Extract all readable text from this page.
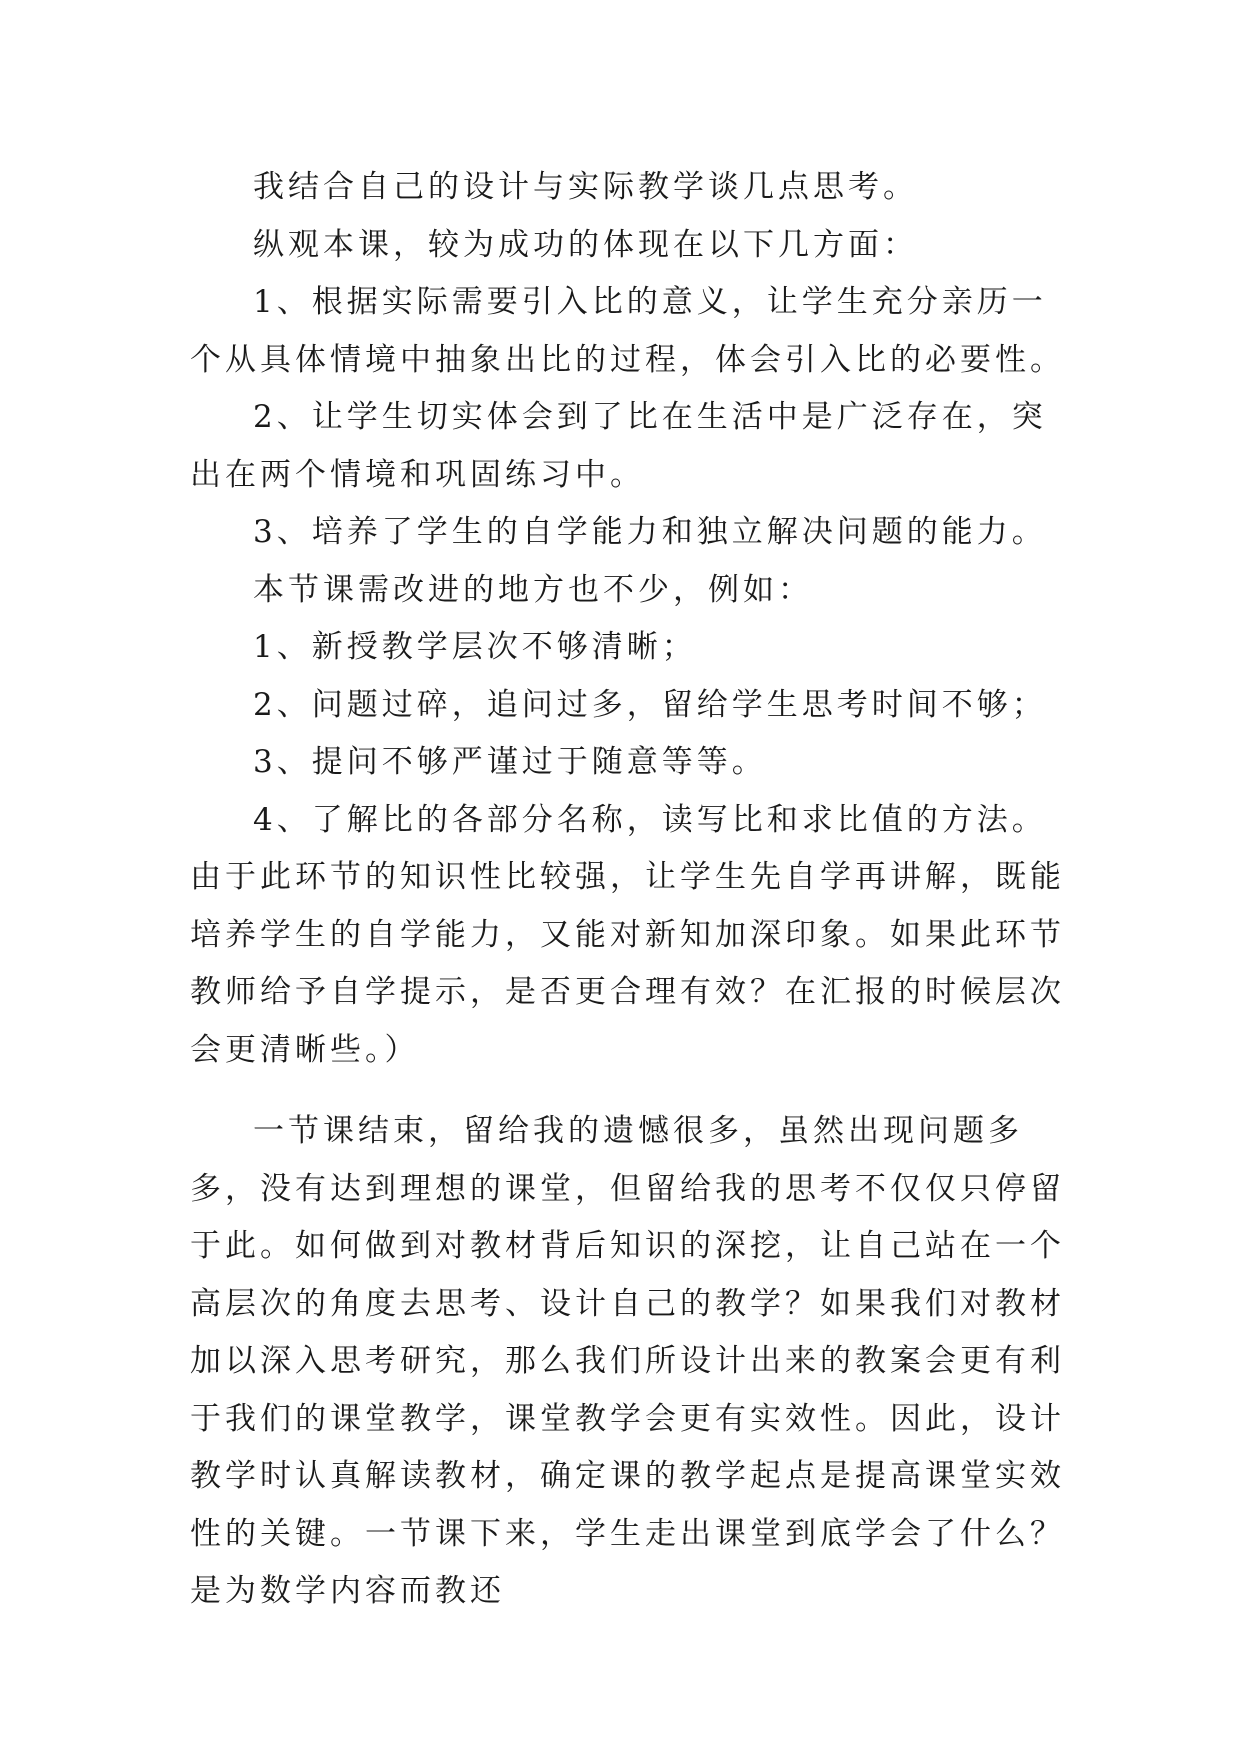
我结合自己的设计与实际教学谈几点思考。

纵观本课，较为成功的体现在以下几方面：

1、根据实际需要引入比的意义，让学生充分亲历一个从具体情境中抽象出比的过程，体会引入比的必要性。

2、让学生切实体会到了比在生活中是广泛存在，突出在两个情境和巩固练习中。

3、培养了学生的自学能力和独立解决问题的能力。

本节课需改进的地方也不少，例如：

1、新授教学层次不够清晰；

2、问题过碎，追问过多，留给学生思考时间不够；

3、提问不够严谨过于随意等等。

4、了解比的各部分名称，读写比和求比值的方法。由于此环节的知识性比较强，让学生先自学再讲解，既能培养学生的自学能力，又能对新知加深印象。如果此环节教师给予自学提示，是否更合理有效？在汇报的时候层次会更清晰些。）

一节课结束，留给我的遗憾很多，虽然出现问题多多，没有达到理想的课堂，但留给我的思考不仅仅只停留于此。如何做到对教材背后知识的深挖，让自己站在一个高层次的角度去思考、设计自己的教学？如果我们对教材加以深入思考研究，那么我们所设计出来的教案会更有利于我们的课堂教学，课堂教学会更有实效性。因此，设计教学时认真解读教材，确定课的教学起点是提高课堂实效性的关键。一节课下来，学生走出课堂到底学会了什么？是为数学内容而教还
